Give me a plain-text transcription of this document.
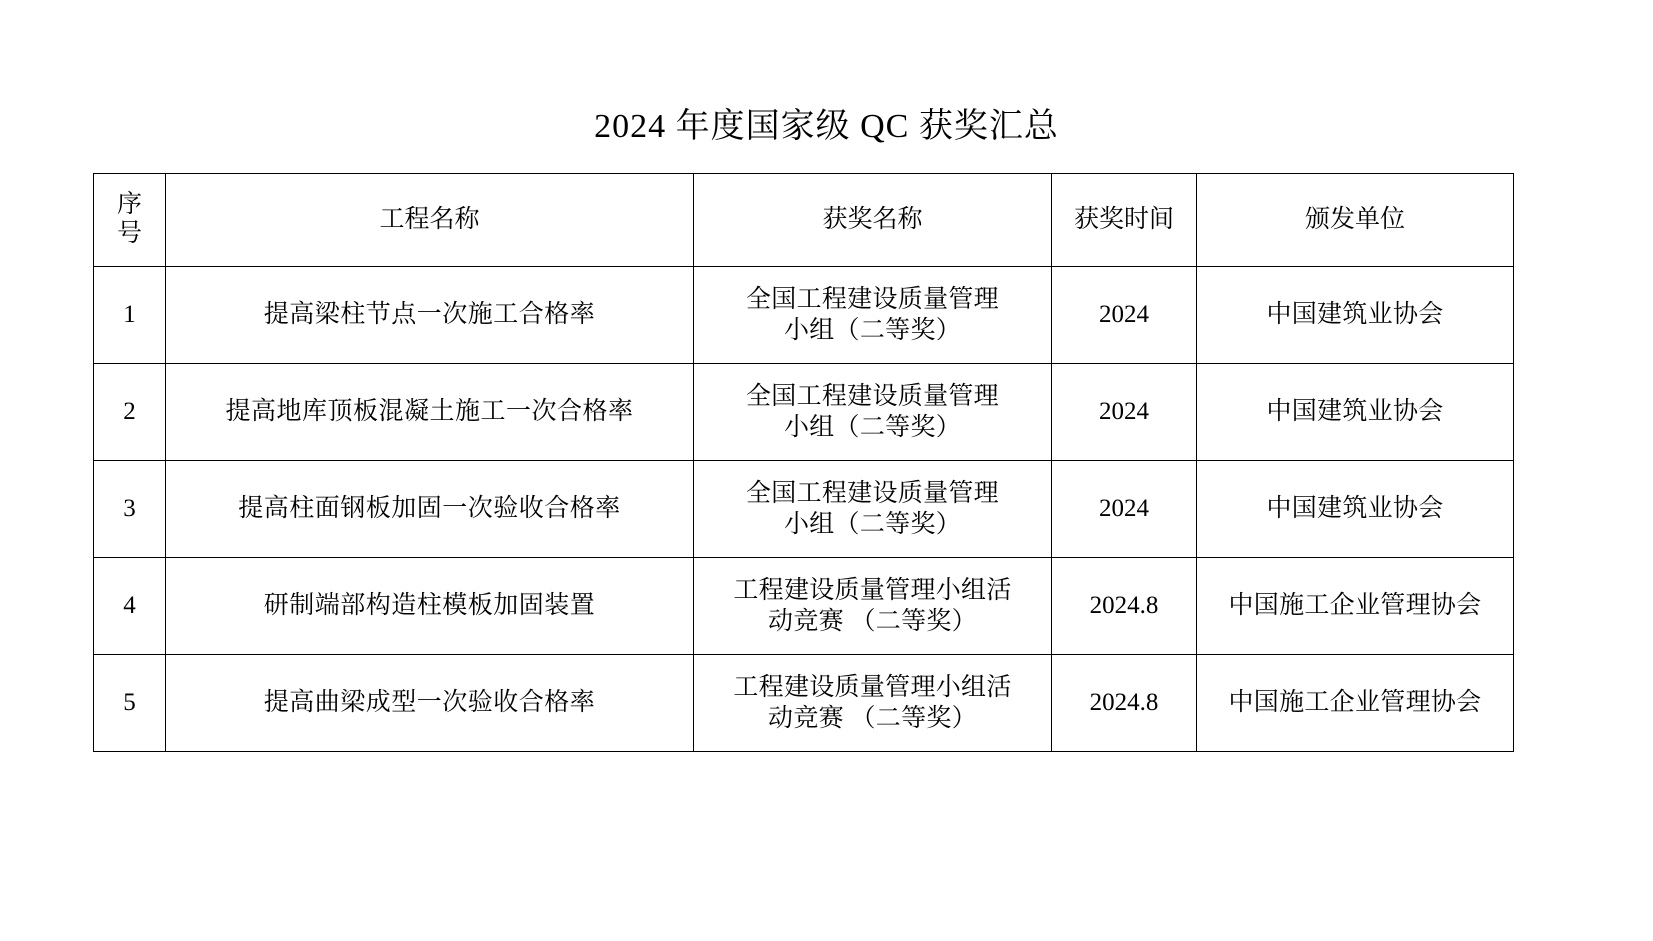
2024 年度国家级 QC 获奖汇总
序
号	工程名称	获奖名称	获奖时间	颁发单位
1	提高梁柱节点一次施工合格率	全国工程建设质量管理
小组（二等奖）	2024	中国建筑业协会
2	提高地库顶板混凝土施工一次合格率	全国工程建设质量管理
小组（二等奖）	2024	中国建筑业协会
3	提高柱面钢板加固一次验收合格率	全国工程建设质量管理
小组（二等奖）	2024	中国建筑业协会
4	研制端部构造柱模板加固装置	工程建设质量管理小组活
动竞赛 （二等奖）	2024.8	中国施工企业管理协会
5	提高曲梁成型一次验收合格率	工程建设质量管理小组活
动竞赛 （二等奖）	2024.8	中国施工企业管理协会
